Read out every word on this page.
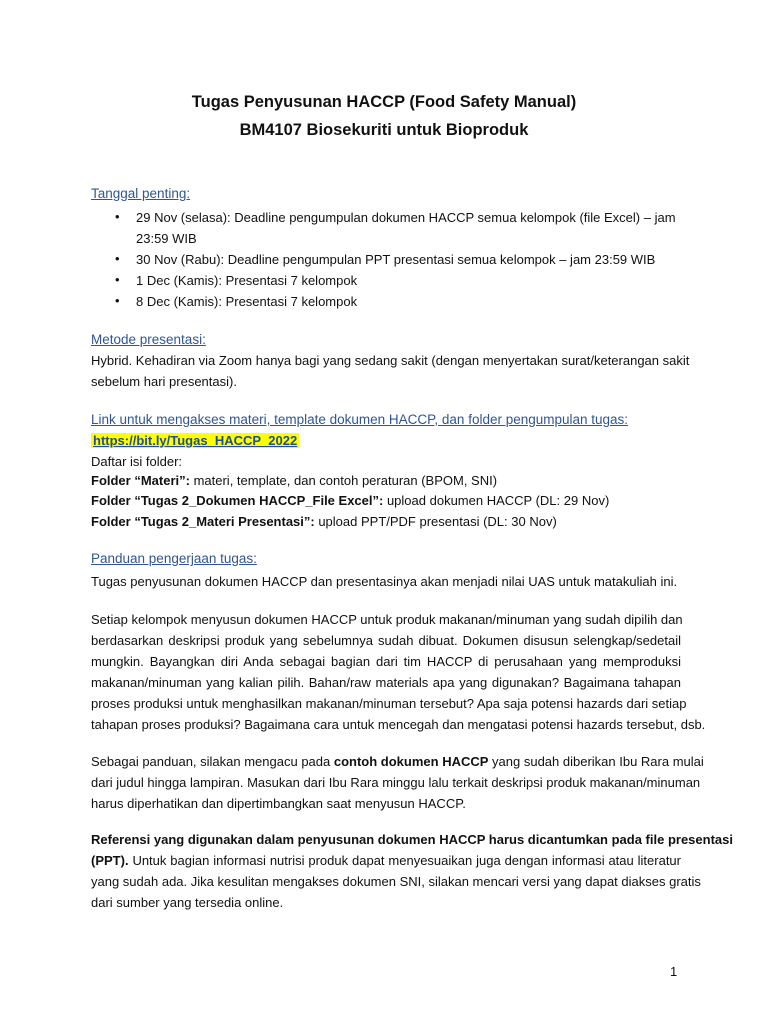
Tugas Penyusunan HACCP (Food Safety Manual)
BM4107 Biosekuriti untuk Bioproduk
Tanggal penting:
• 29 Nov (selasa): Deadline pengumpulan dokumen HACCP semua kelompok (file Excel) – jam
23:59 WIB
• 30 Nov (Rabu): Deadline pengumpulan PPT presentasi semua kelompok – jam 23:59 WIB
• 1 Dec (Kamis): Presentasi 7 kelompok
• 8 Dec (Kamis): Presentasi 7 kelompok
Metode presentasi:
Hybrid. Kehadiran via Zoom hanya bagi yang sedang sakit (dengan menyertakan surat/keterangan sakit
sebelum hari presentasi).
Link untuk mengakses materi, template dokumen HACCP, dan folder pengumpulan tugas:
https://bit.ly/Tugas_HACCP_2022
Daftar isi folder:
Folder “Materi”: materi, template, dan contoh peraturan (BPOM, SNI)
Folder “Tugas 2_Dokumen HACCP_File Excel”: upload dokumen HACCP (DL: 29 Nov)
Folder “Tugas 2_Materi Presentasi”: upload PPT/PDF presentasi (DL: 30 Nov)
Panduan pengerjaan tugas:
Tugas penyusunan dokumen HACCP dan presentasinya akan menjadi nilai UAS untuk matakuliah ini.
Setiap kelompok menyusun dokumen HACCP untuk produk makanan/minuman yang sudah dipilih dan
berdasarkan deskripsi produk yang sebelumnya sudah dibuat. Dokumen disusun selengkap/sedetail
mungkin. Bayangkan diri Anda sebagai bagian dari tim HACCP di perusahaan yang memproduksi
makanan/minuman yang kalian pilih. Bahan/raw materials apa yang digunakan? Bagaimana tahapan
proses produksi untuk menghasilkan makanan/minuman tersebut? Apa saja potensi hazards dari setiap
tahapan proses produksi? Bagaimana cara untuk mencegah dan mengatasi potensi hazards tersebut, dsb.
Sebagai panduan, silakan mengacu pada contoh dokumen HACCP yang sudah diberikan Ibu Rara mulai
dari judul hingga lampiran. Masukan dari Ibu Rara minggu lalu terkait deskripsi produk makanan/minuman
harus diperhatikan dan dipertimbangkan saat menyusun HACCP.
Referensi yang digunakan dalam penyusunan dokumen HACCP harus dicantumkan pada file presentasi
(PPT). Untuk bagian informasi nutrisi produk dapat menyesuaikan juga dengan informasi atau literatur
yang sudah ada. Jika kesulitan mengakses dokumen SNI, silakan mencari versi yang dapat diakses gratis
dari sumber yang tersedia online.
1
